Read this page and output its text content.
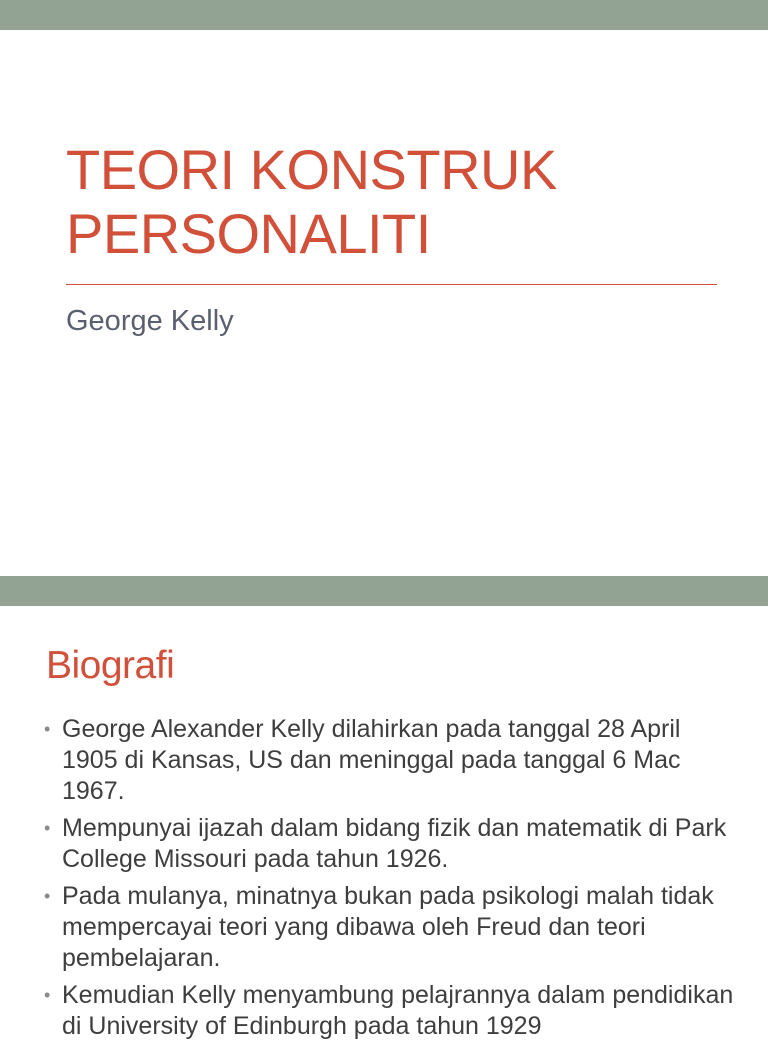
TEORI KONSTRUK
PERSONALITI

George Kelly

Biografi
• George Alexander Kelly dilahirkan pada tanggal 28 April 1905 di Kansas, US dan meninggal pada tanggal 6 Mac 1967.
• Mempunyai ijazah dalam bidang fizik dan matematik di Park College Missouri pada tahun 1926.
• Pada mulanya, minatnya bukan pada psikologi malah tidak mempercayai teori yang dibawa oleh Freud dan teori pembelajaran.
• Kemudian Kelly menyambung pelajrannya dalam pendidikan di University of Edinburgh pada tahun 1929
